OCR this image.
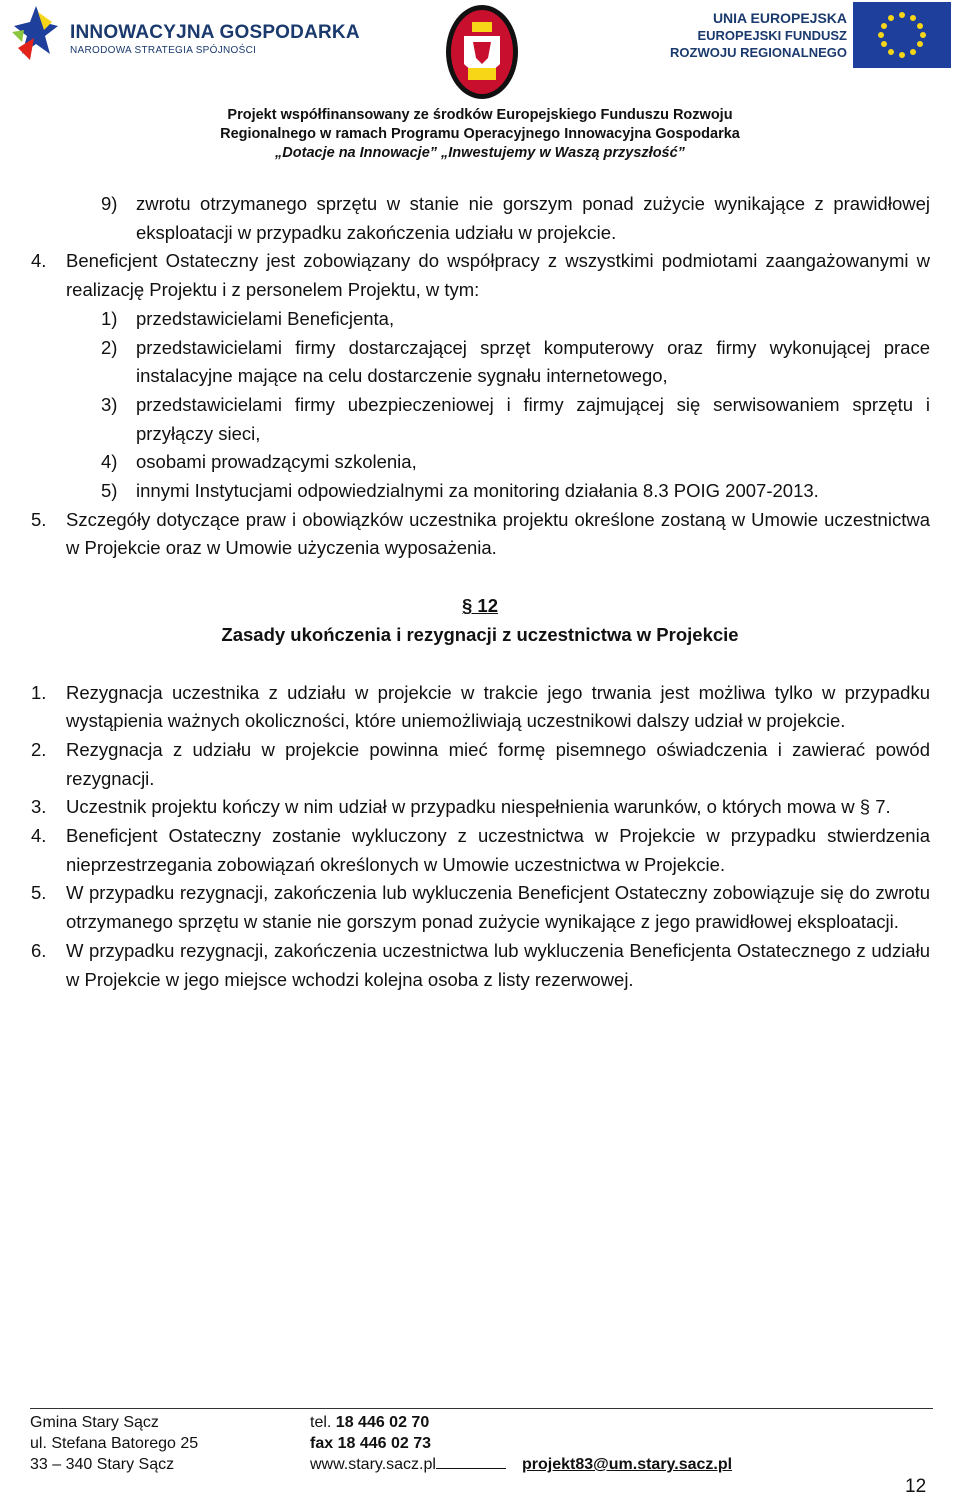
INNOWACYJNA GOSPODARKA
NARODOWA STRATEGIA SPÓJNOŚCI
UNIA EUROPEJSKA
EUROPEJSKI FUNDUSZ
ROZWOJU REGIONALNEGO
Projekt współfinansowany ze środków Europejskiego Funduszu Rozwoju
Regionalnego w ramach Programu Operacyjnego Innowacyjna Gospodarka
„Dotacje na Innowacje” „Inwestujemy w Waszą przyszłość”
9) zwrotu otrzymanego sprzętu w stanie nie gorszym ponad zużycie wynikające z prawidłowej eksploatacji w przypadku zakończenia udziału w projekcie.
4. Beneficjent Ostateczny jest zobowiązany do współpracy z wszystkimi podmiotami zaangażowanymi w realizację Projektu i z personelem Projektu, w tym:
1) przedstawicielami Beneficjenta,
2) przedstawicielami firmy dostarczającej sprzęt komputerowy oraz firmy wykonującej prace instalacyjne mające na celu dostarczenie sygnału internetowego,
3) przedstawicielami firmy ubezpieczeniowej i firmy zajmującej się serwisowaniem sprzętu i przyłączy sieci,
4) osobami prowadzącymi szkolenia,
5) innymi Instytucjami odpowiedzialnymi za monitoring działania 8.3 POIG 2007-2013.
5. Szczegóły dotyczące praw i obowiązków uczestnika projektu określone zostaną w Umowie uczestnictwa w Projekcie oraz w Umowie użyczenia wyposażenia.
§ 12
Zasady ukończenia i rezygnacji z uczestnictwa w Projekcie
1. Rezygnacja uczestnika z udziału w projekcie w trakcie jego trwania jest możliwa tylko w przypadku wystąpienia ważnych okoliczności, które uniemożliwiają uczestnikowi dalszy udział w projekcie.
2. Rezygnacja z udziału w projekcie powinna mieć formę pisemnego oświadczenia i zawierać powód rezygnacji.
3. Uczestnik projektu kończy w nim udział w przypadku niespełnienia warunków, o których mowa w § 7.
4. Beneficjent Ostateczny zostanie wykluczony z uczestnictwa w Projekcie w przypadku stwierdzenia nieprzestrzegania zobowiązań określonych w Umowie uczestnictwa w Projekcie.
5. W przypadku rezygnacji, zakończenia lub wykluczenia Beneficjent Ostateczny zobowiązuje się do zwrotu otrzymanego sprzętu w stanie nie gorszym ponad zużycie wynikające z jego prawidłowej eksploatacji.
6. W przypadku rezygnacji, zakończenia uczestnictwa lub wykluczenia Beneficjenta Ostatecznego z udziału w Projekcie w jego miejsce wchodzi kolejna osoba z listy rezerwowej.
Gmina Stary Sącz
ul. Stefana Batorego 25
33 – 340 Stary Sącz
tel. 18 446 02 70
fax 18 446 02 73
www.stary.sacz.pl	projekt83@um.stary.sacz.pl
12
